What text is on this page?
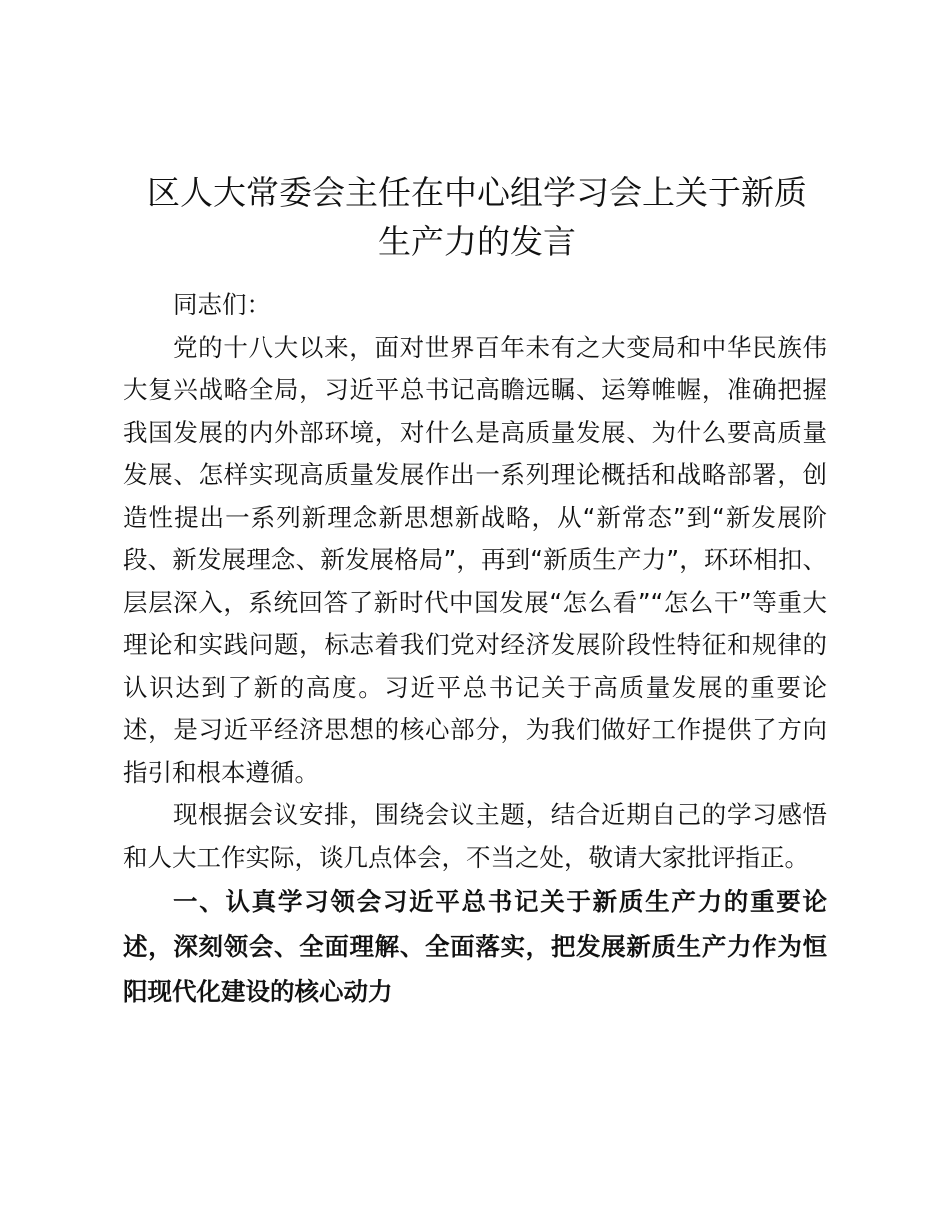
区人大常委会主任在中心组学习会上关于新质
生产力的发言

同志们：

党的十八大以来，面对世界百年未有之大变局和中华民族伟大复兴战略全局，习近平总书记高瞻远瞩、运筹帷幄，准确把握我国发展的内外部环境，对什么是高质量发展、为什么要高质量发展、怎样实现高质量发展作出一系列理论概括和战略部署，创造性提出一系列新理念新思想新战略，从“新常态”到“新发展阶段、新发展理念、新发展格局”，再到“新质生产力”，环环相扣、层层深入，系统回答了新时代中国发展“怎么看”“怎么干”等重大理论和实践问题，标志着我们党对经济发展阶段性特征和规律的认识达到了新的高度。习近平总书记关于高质量发展的重要论述，是习近平经济思想的核心部分，为我们做好工作提供了方向指引和根本遵循。

现根据会议安排，围绕会议主题，结合近期自己的学习感悟和人大工作实际，谈几点体会，不当之处，敬请大家批评指正。

一、认真学习领会习近平总书记关于新质生产力的重要论述，深刻领会、全面理解、全面落实，把发展新质生产力作为恒阳现代化建设的核心动力
